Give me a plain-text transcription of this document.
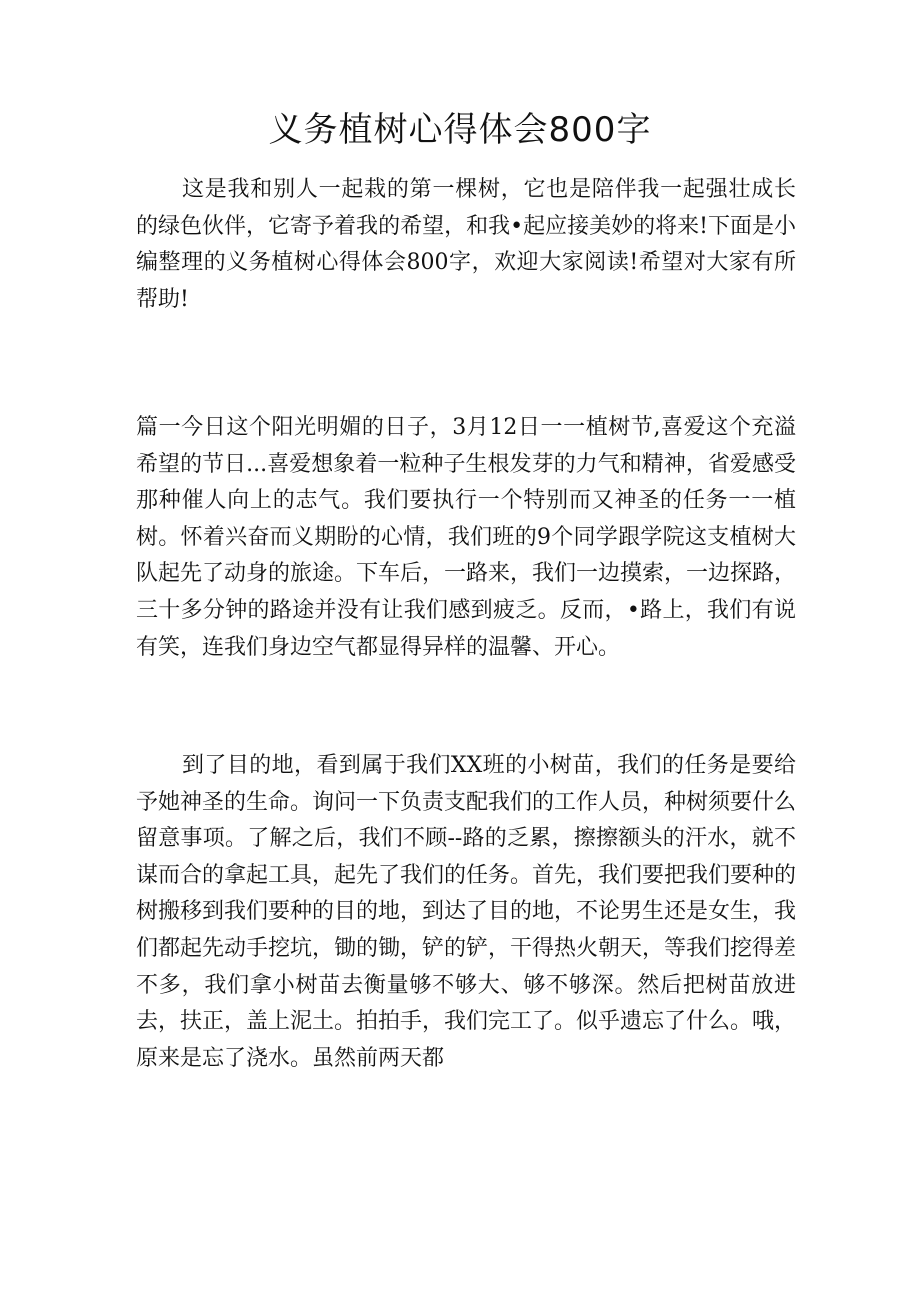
义务植树心得体会800字

这是我和别人一起栽的第一棵树，它也是陪伴我一起强壮成长的绿色伙伴，它寄予着我的希望，和我•起应接美妙的将来!下面是小编整理的义务植树心得体会800字，欢迎大家阅读!希望对大家有所帮助!

篇一今日这个阳光明媚的日子，3月12日一一植树节,喜爱这个充溢希望的节日...喜爱想象着一粒种子生根发芽的力气和精神，省爱感受那种催人向上的志气。我们要执行一个特别而又神圣的任务一一植树。怀着兴奋而义期盼的心情，我们班的9个同学跟学院这支植树大队起先了动身的旅途。下车后，一路来，我们一边摸索，一边探路，三十多分钟的路途并没有让我们感到疲乏。反而，•路上，我们有说有笑，连我们身边空气都显得异样的温馨、开心。

到了目的地，看到属于我们XX班的小树苗，我们的任务是要给予她神圣的生命。询问一下负责支配我们的工作人员，种树须要什么留意事项。了解之后，我们不顾--路的乏累，擦擦额头的汗水，就不谋而合的拿起工具，起先了我们的任务。首先，我们要把我们要种的树搬移到我们要种的目的地，到达了目的地，不论男生还是女生，我们都起先动手挖坑，锄的锄，铲的铲，干得热火朝天，等我们挖得差不多，我们拿小树苗去衡量够不够大、够不够深。然后把树苗放进去，扶正，盖上泥土。拍拍手，我们完工了。似乎遗忘了什么。哦，原来是忘了浇水。虽然前两天都
